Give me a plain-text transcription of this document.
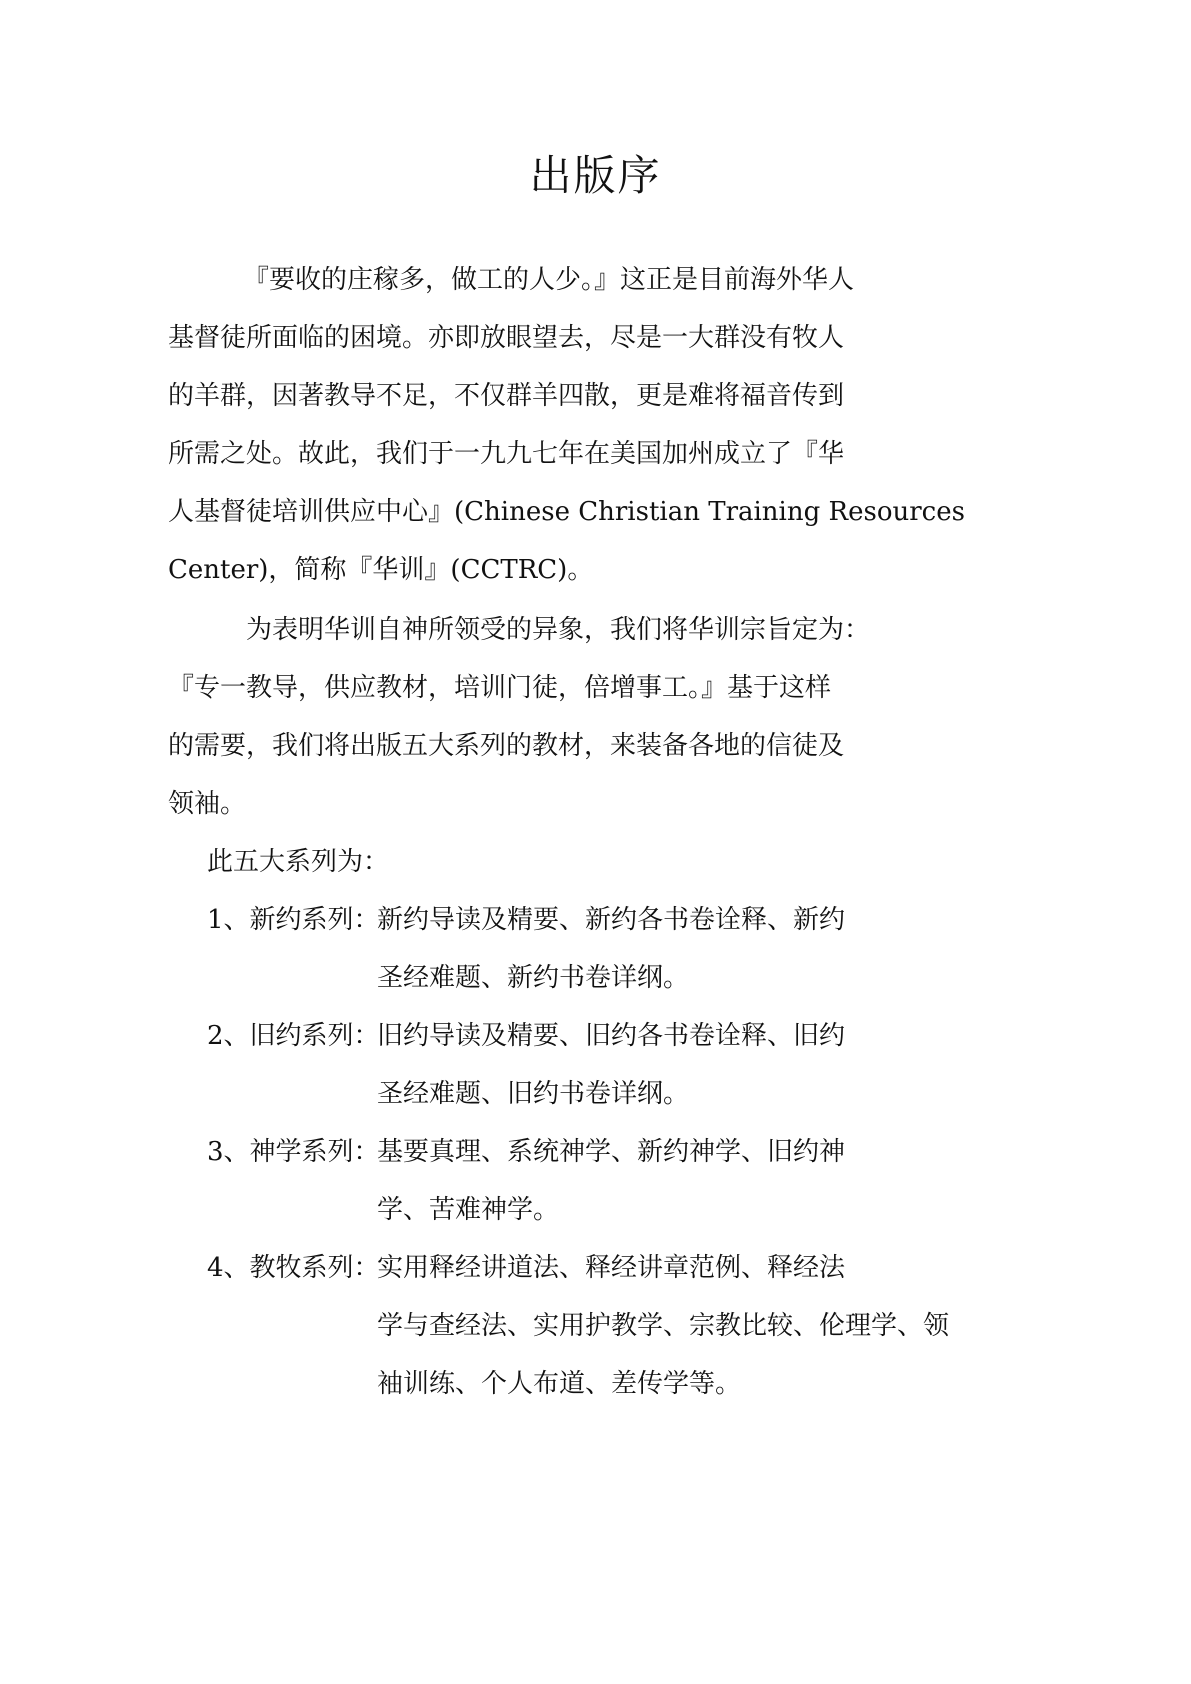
出版序
『要收的庄稼多，做工的人少。』这正是目前海外华人
基督徒所面临的困境。亦即放眼望去，尽是一大群没有牧人
的羊群，因著教导不足，不仅群羊四散，更是难将福音传到
所需之处。故此，我们于一九九七年在美国加州成立了『华
人基督徒培训供应中心』(Chinese Christian Training Resources
Center)，简称『华训』(CCTRC)。
为表明华训自神所领受的异象，我们将华训宗旨定为：
『专一教导，供应教材，培训门徒，倍增事工。』基于这样
的需要，我们将出版五大系列的教材，来装备各地的信徒及
领袖。
此五大系列为：
1、新约系列：
新约导读及精要、新约各书卷诠释、新约
圣经难题、新约书卷详纲。
2、旧约系列：
旧约导读及精要、旧约各书卷诠释、旧约
圣经难题、旧约书卷详纲。
3、神学系列：
基要真理、系统神学、新约神学、旧约神
学、苦难神学。
4、教牧系列：
实用释经讲道法、释经讲章范例、释经法
学与查经法、实用护教学、宗教比较、伦理学、领
袖训练、个人布道、差传学等。
